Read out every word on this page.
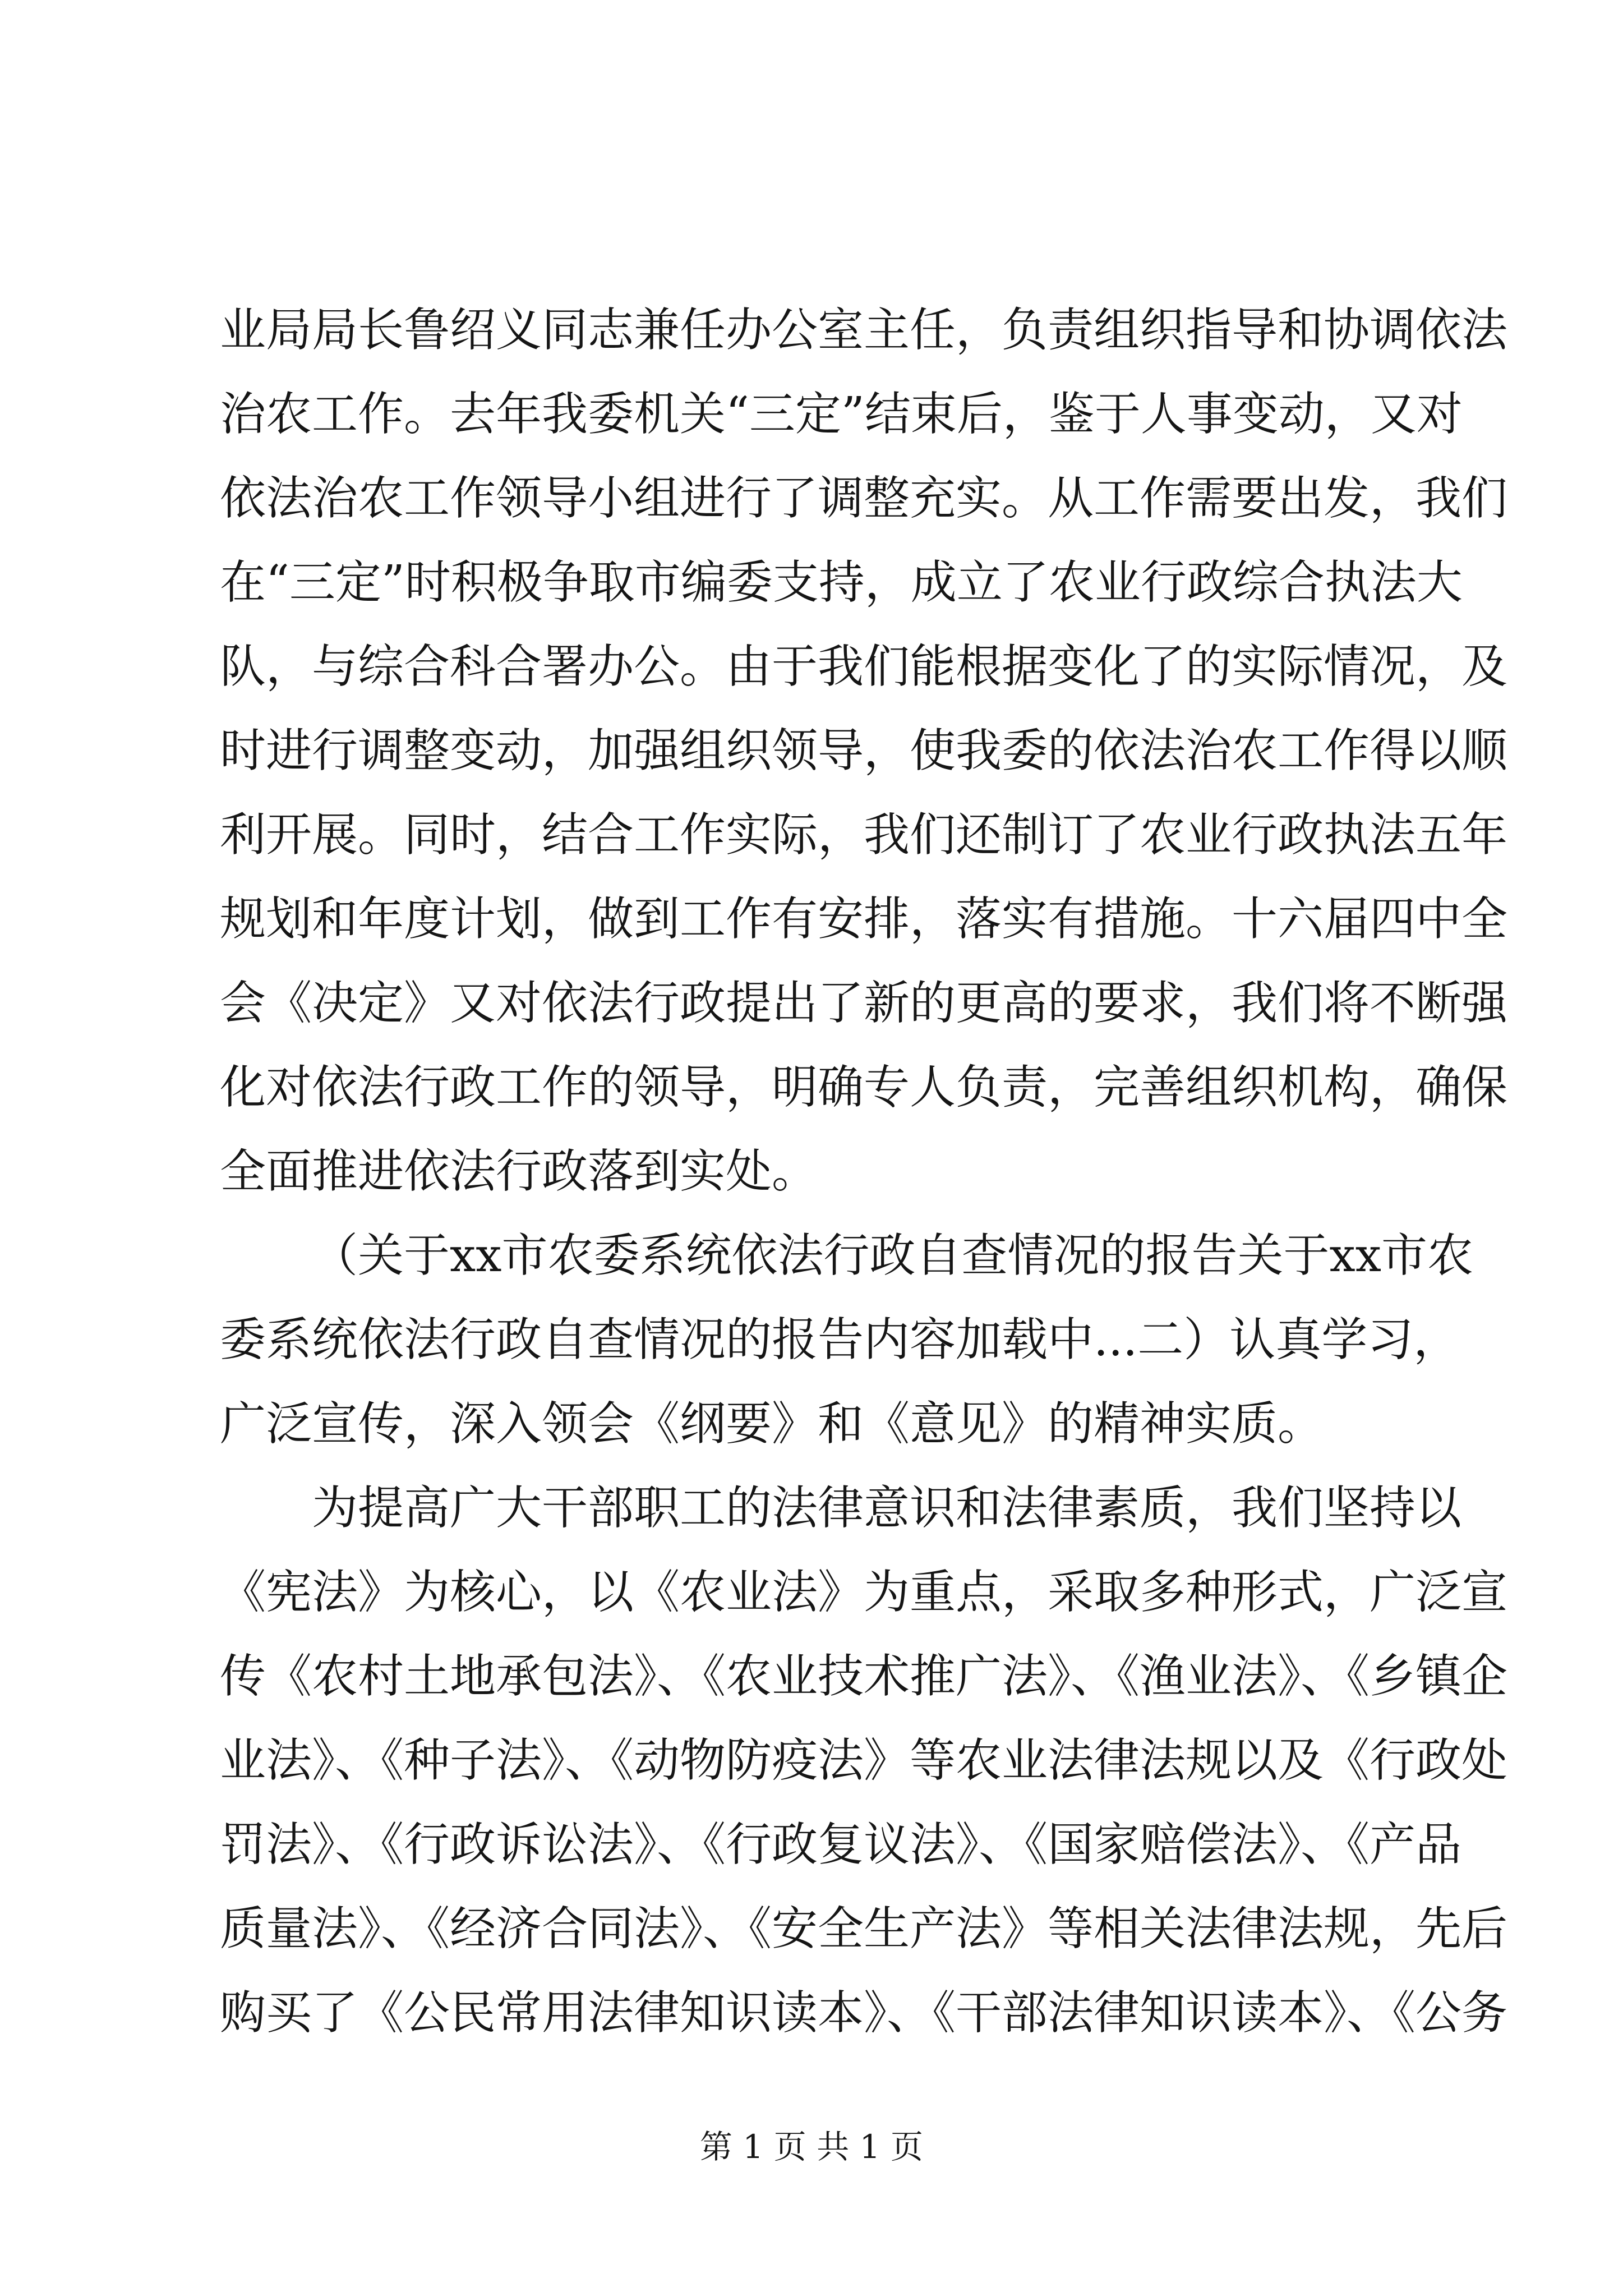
业局局长鲁绍义同志兼任办公室主任，负责组织指导和协调依法
治农工作。去年我委机关“三定”结束后，鉴于人事变动，又对
依法治农工作领导小组进行了调整充实。从工作需要出发，我们
在“三定”时积极争取市编委支持，成立了农业行政综合执法大
队，与综合科合署办公。由于我们能根据变化了的实际情况，及
时进行调整变动，加强组织领导，使我委的依法治农工作得以顺
利开展。同时，结合工作实际，我们还制订了农业行政执法五年
规划和年度计划，做到工作有安排，落实有措施。十六届四中全
会《决定》又对依法行政提出了新的更高的要求，我们将不断强
化对依法行政工作的领导，明确专人负责，完善组织机构，确保
全面推进依法行政落到实处。
（关于xx市农委系统依法行政自查情况的报告关于xx市农
委系统依法行政自查情况的报告内容加载中...二）认真学习，
广泛宣传，深入领会《纲要》和《意见》的精神实质。
为提高广大干部职工的法律意识和法律素质，我们坚持以
《宪法》为核心，以《农业法》为重点，采取多种形式，广泛宣
传《农村土地承包法》、《农业技术推广法》、《渔业法》、《乡镇企
业法》、《种子法》、《动物防疫法》等农业法律法规以及《行政处
罚法》、《行政诉讼法》、《行政复议法》、《国家赔偿法》、《产品
质量法》、《经济合同法》、《安全生产法》等相关法律法规，先后
购买了《公民常用法律知识读本》、《干部法律知识读本》、《公务
第 1 页 共 1 页
